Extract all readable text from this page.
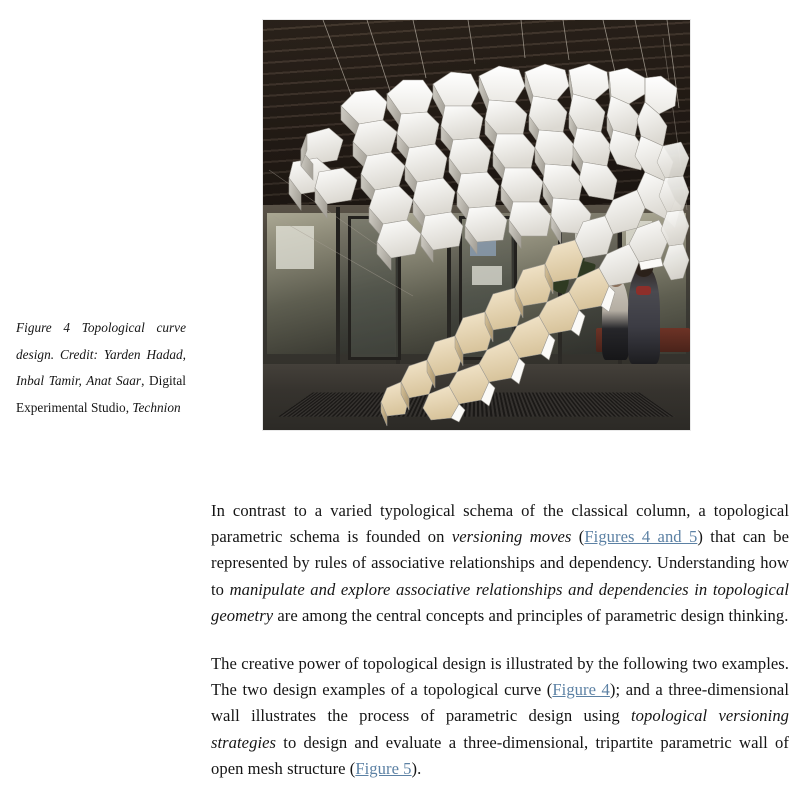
Figure 4 Topological curve design. Credit: Yarden Hadad, Inbal Tamir, Anat Saar, Digital Experimental Studio, Technion

In contrast to a varied typological schema of the classical column, a topological parametric schema is founded on versioning moves (Figures 4 and 5) that can be represented by rules of associative relationships and dependency. Understanding how to manipulate and explore associative relationships and dependencies in topological geometry are among the central concepts and principles of parametric design thinking.

The creative power of topological design is illustrated by the following two examples. The two design examples of a topological curve (Figure 4); and a three-dimensional wall illustrates the process of parametric design using topological versioning strategies to design and evaluate a three-dimensional, tripartite parametric wall of open mesh structure (Figure 5).
